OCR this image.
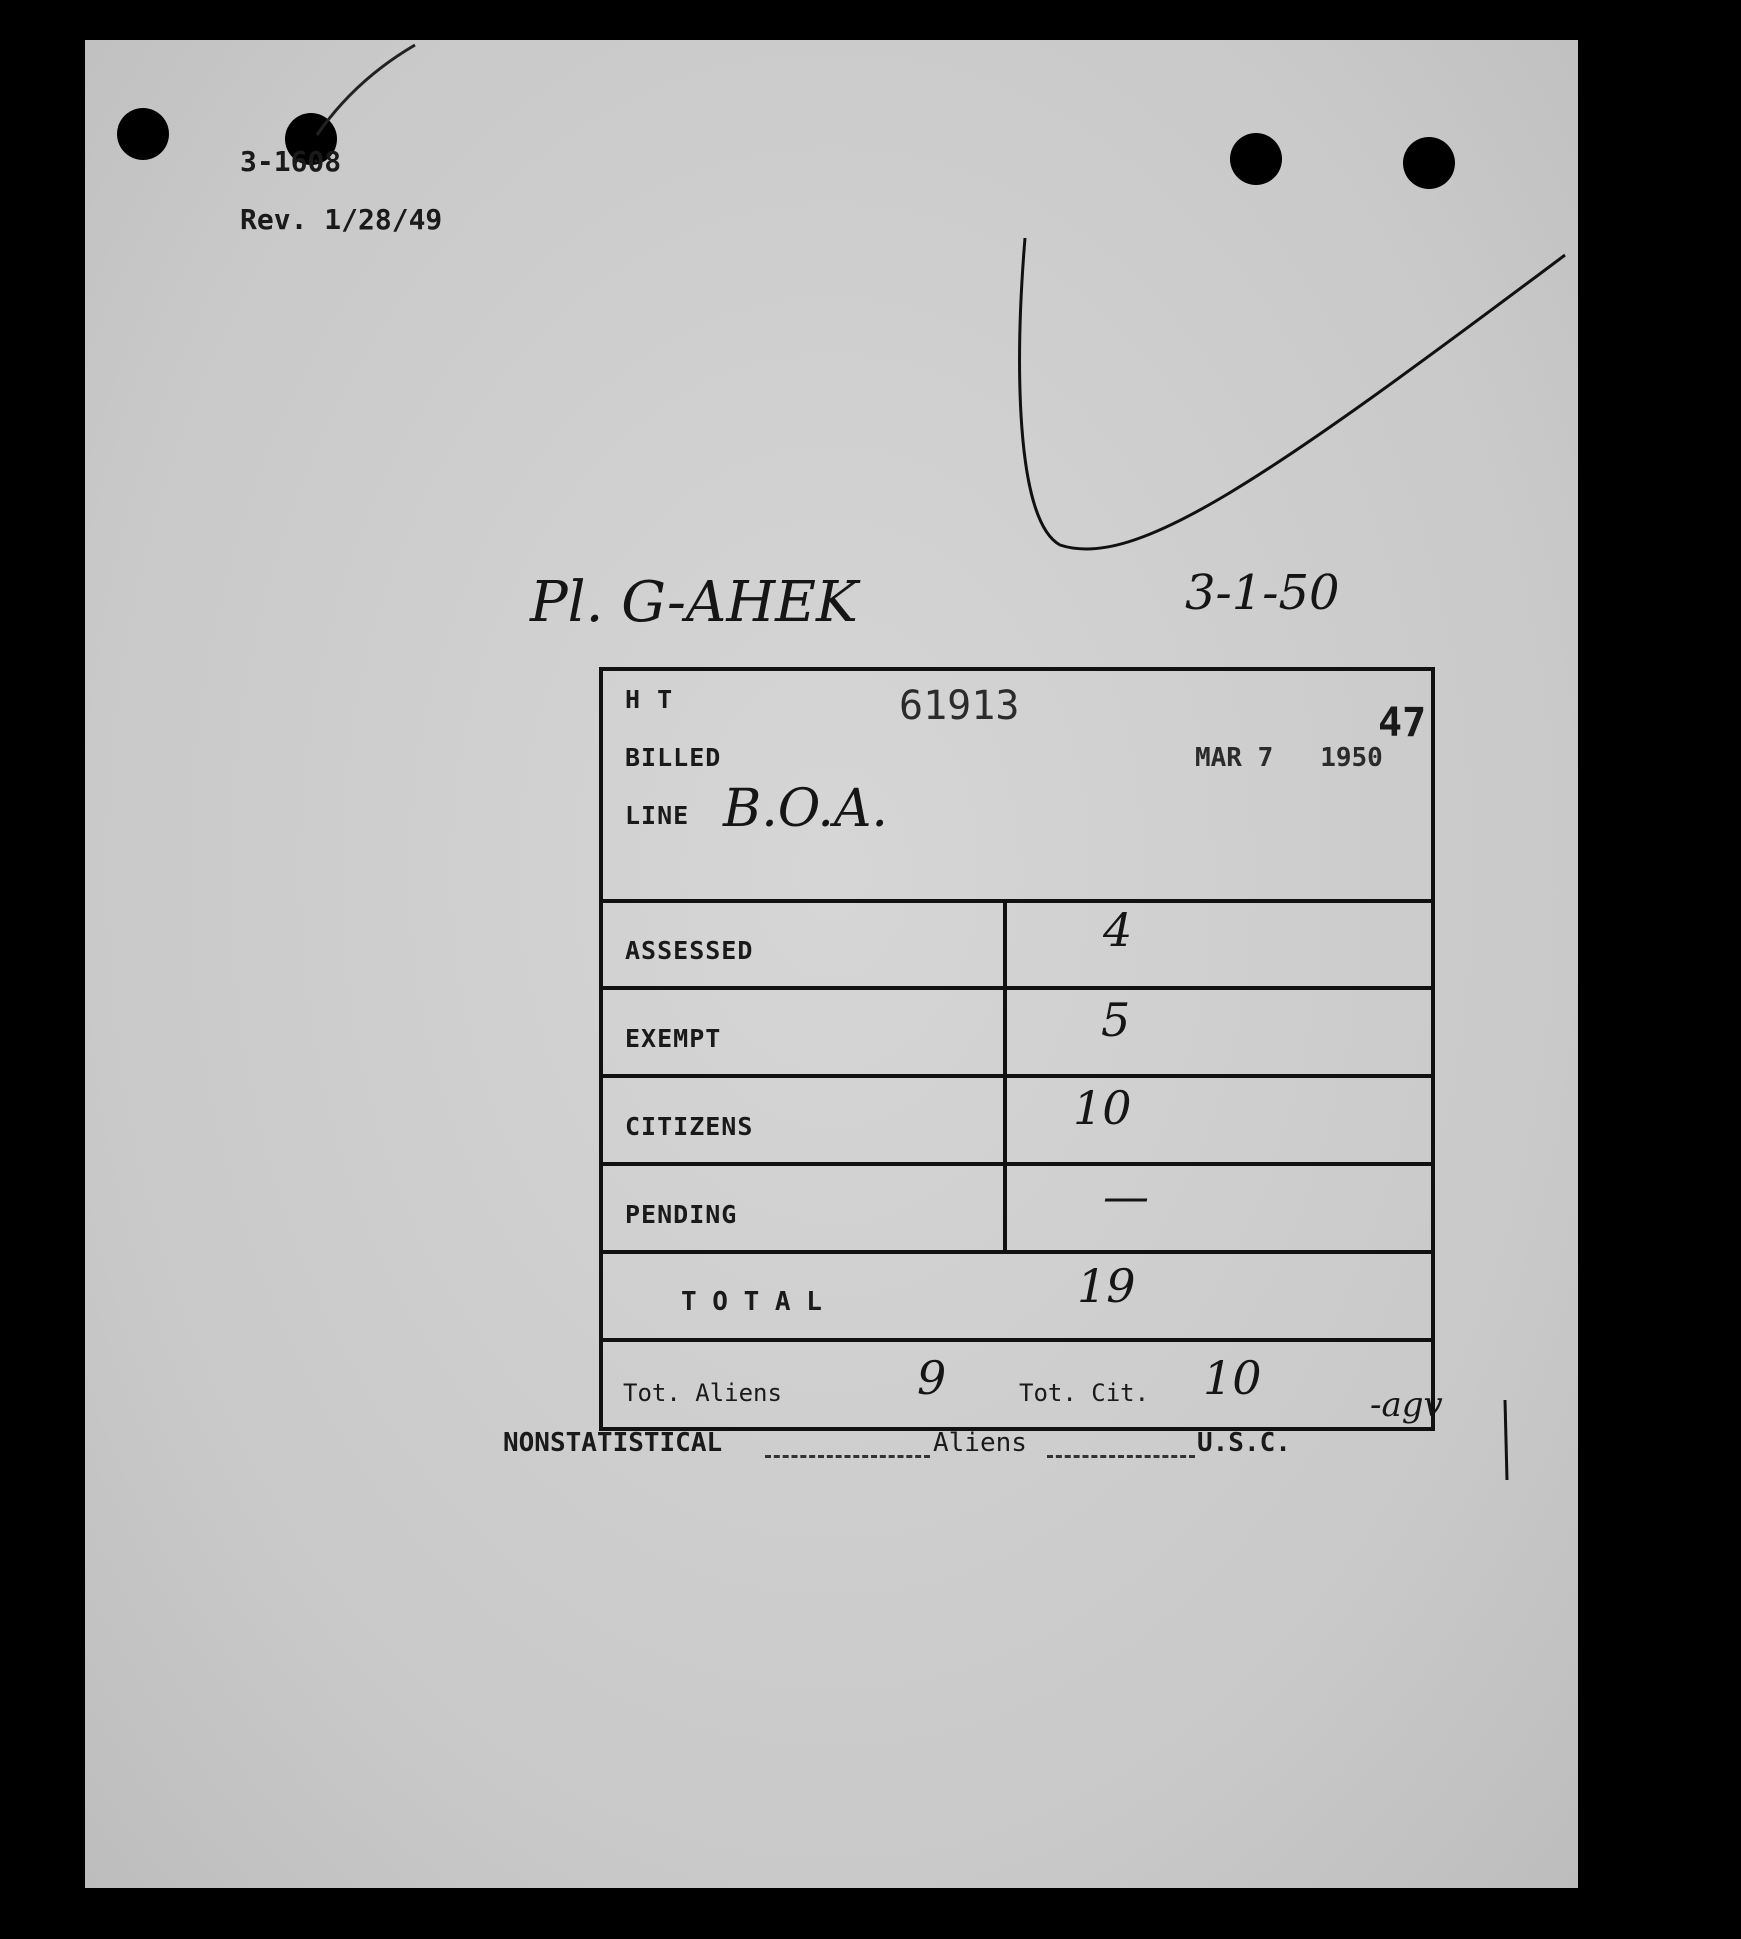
3-1608
Rev. 1/28/49
Pl. G-AHEK	3-1-50
47
-agv
H T	61913
BILLED	MAR 7   1950
LINE B.O.A.
ASSESSED	4
EXEMPT	5
CITIZENS	10
PENDING	—
T O T A L	19
Tot. Aliens	9	Tot. Cit. 10
NONSTATISTICAL	Aliens	U.S.C.
